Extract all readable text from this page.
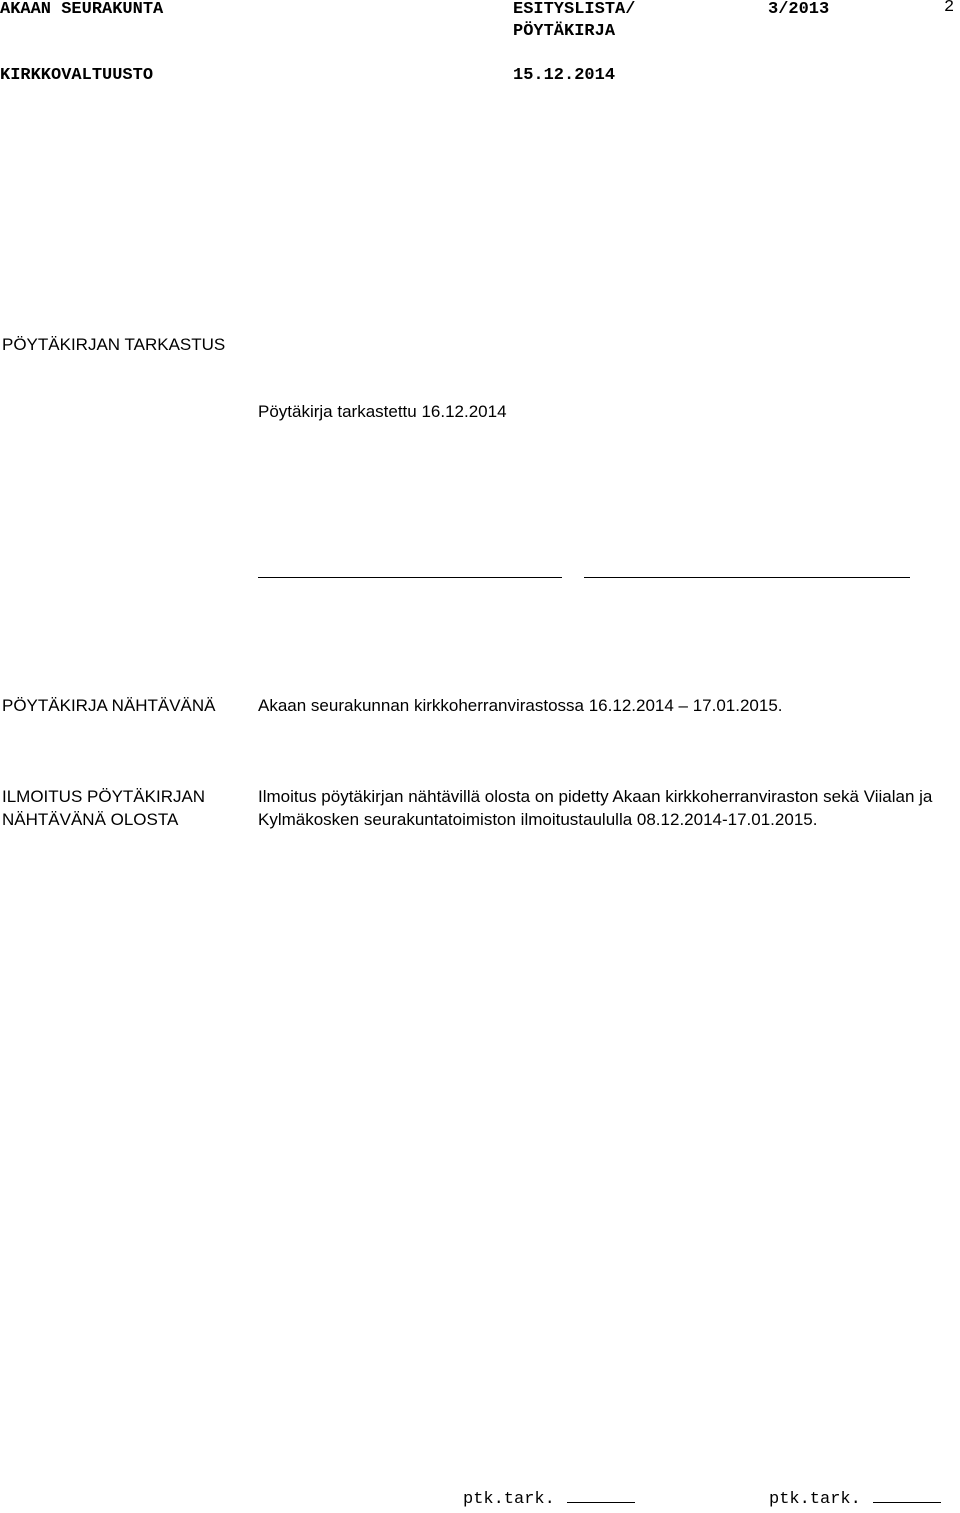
AKAAN SEURAKUNTA	ESITYSLISTA/
PÖYTÄKIRJA
3/2013	2
KIRKKOVALTUUSTO	15.12.2014
PÖYTÄKIRJAN TARKASTUS
Pöytäkirja tarkastettu 16.12.2014
PÖYTÄKIRJA NÄHTÄVÄNÄ	Akaan seurakunnan kirkkoherranvirastossa 16.12.2014 – 17.01.2015.
ILMOITUS PÖYTÄKIRJAN
NÄHTÄVÄNÄ OLOSTA
Ilmoitus pöytäkirjan nähtävillä olosta on pidetty Akaan kirkkoherranviraston sekä Viialan ja Kylmäkosken seurakuntatoimiston ilmoitustaululla 08.12.2014-17.01.2015.
ptk.tark.	ptk.tark.
